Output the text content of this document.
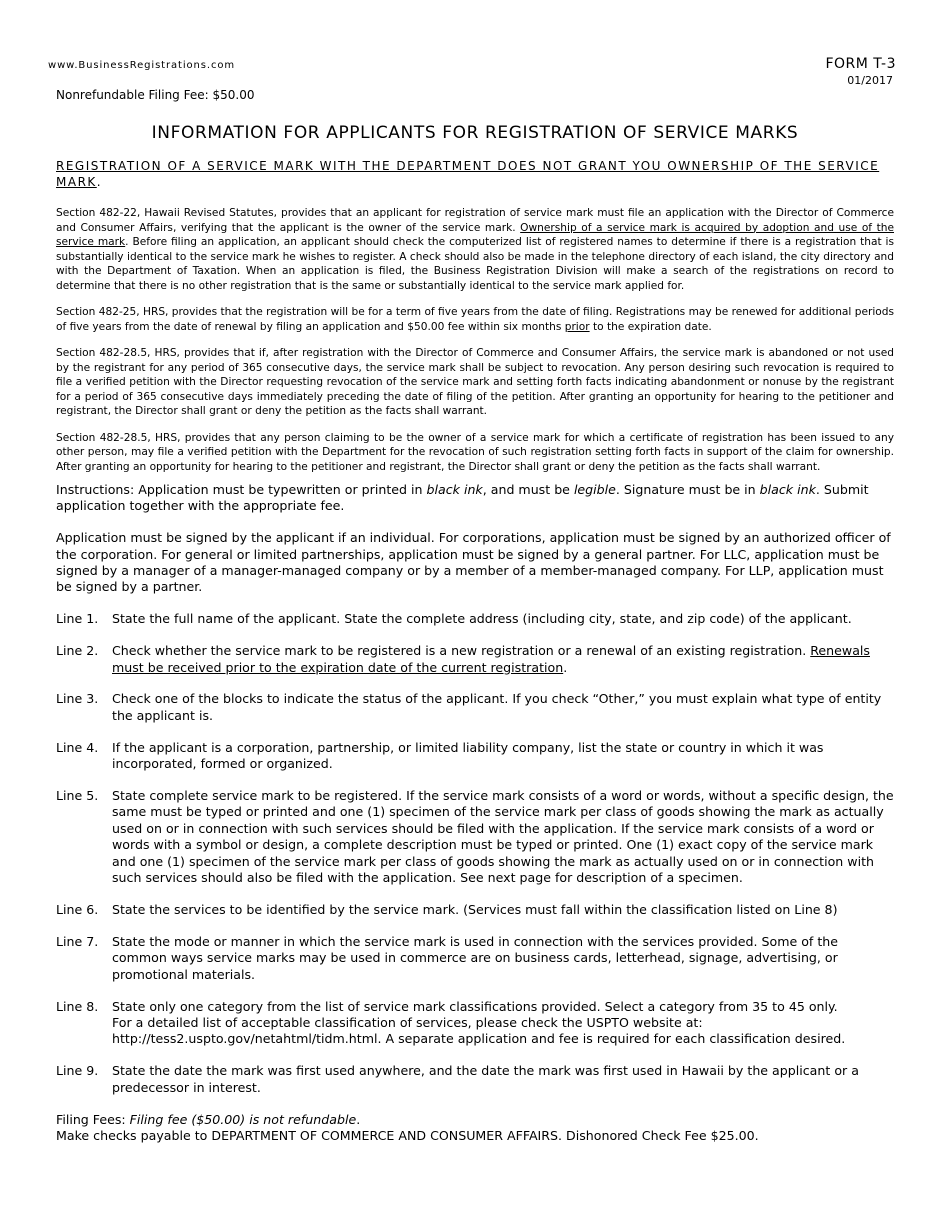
www.BusinessRegistrations.com	FORM T-3
01/2017
Nonrefundable Filing Fee: $50.00
INFORMATION FOR APPLICANTS FOR REGISTRATION OF SERVICE MARKS

REGISTRATION OF A SERVICE MARK WITH THE DEPARTMENT DOES NOT GRANT YOU OWNERSHIP OF THE SERVICE MARK.

Section 482-22, Hawaii Revised Statutes, provides that an applicant for registration of service mark must file an application with the Director of Commerce and Consumer Affairs, verifying that the applicant is the owner of the service mark. Ownership of a service mark is acquired by adoption and use of the service mark. Before filing an application, an applicant should check the computerized list of registered names to determine if there is a registration that is substantially identical to the service mark he wishes to register. A check should also be made in the telephone directory of each island, the city directory and with the Department of Taxation. When an application is filed, the Business Registration Division will make a search of the registrations on record to determine that there is no other registration that is the same or substantially identical to the service mark applied for.

Section 482-25, HRS, provides that the registration will be for a term of five years from the date of filing. Registrations may be renewed for additional periods of five years from the date of renewal by filing an application and $50.00 fee within six months prior to the expiration date.

Section 482-28.5, HRS, provides that if, after registration with the Director of Commerce and Consumer Affairs, the service mark is abandoned or not used by the registrant for any period of 365 consecutive days, the service mark shall be subject to revocation. Any person desiring such revocation is required to file a verified petition with the Director requesting revocation of the service mark and setting forth facts indicating abandonment or nonuse by the registrant for a period of 365 consecutive days immediately preceding the date of filing of the petition. After granting an opportunity for hearing to the petitioner and registrant, the Director shall grant or deny the petition as the facts shall warrant.

Section 482-28.5, HRS, provides that any person claiming to be the owner of a service mark for which a certificate of registration has been issued to any other person, may file a verified petition with the Department for the revocation of such registration setting forth facts in support of the claim for ownership. After granting an opportunity for hearing to the petitioner and registrant, the Director shall grant or deny the petition as the facts shall warrant.

Instructions: Application must be typewritten or printed in black ink, and must be legible. Signature must be in black ink. Submit application together with the appropriate fee.

Application must be signed by the applicant if an individual. For corporations, application must be signed by an authorized officer of the corporation. For general or limited partnerships, application must be signed by a general partner. For LLC, application must be signed by a manager of a manager-managed company or by a member of a member-managed company. For LLP, application must be signed by a partner.

Line 1.	State the full name of the applicant. State the complete address (including city, state, and zip code) of the applicant.
Line 2.	Check whether the service mark to be registered is a new registration or a renewal of an existing registration. Renewals must be received prior to the expiration date of the current registration.
Line 3.	Check one of the blocks to indicate the status of the applicant. If you check “Other,” you must explain what type of entity the applicant is.
Line 4.	If the applicant is a corporation, partnership, or limited liability company, list the state or country in which it was incorporated, formed or organized.
Line 5.	State complete service mark to be registered. If the service mark consists of a word or words, without a specific design, the same must be typed or printed and one (1) specimen of the service mark per class of goods showing the mark as actually used on or in connection with such services should be filed with the application. If the service mark consists of a word or words with a symbol or design, a complete description must be typed or printed. One (1) exact copy of the service mark and one (1) specimen of the service mark per class of goods showing the mark as actually used on or in connection with such services should also be filed with the application. See next page for description of a specimen.
Line 6.	State the services to be identified by the service mark. (Services must fall within the classification listed on Line 8)
Line 7.	State the mode or manner in which the service mark is used in connection with the services provided. Some of the common ways service marks may be used in commerce are on business cards, letterhead, signage, advertising, or promotional materials.
Line 8.	State only one category from the list of service mark classifications provided. Select a category from 35 to 45 only.
For a detailed list of acceptable classification of services, please check the USPTO website at:
http://tess2.uspto.gov/netahtml/tidm.html. A separate application and fee is required for each classification desired.
Line 9.	State the date the mark was first used anywhere, and the date the mark was first used in Hawaii by the applicant or a predecessor in interest.
Filing Fees: Filing fee ($50.00) is not refundable.
Make checks payable to DEPARTMENT OF COMMERCE AND CONSUMER AFFAIRS. Dishonored Check Fee $25.00.
